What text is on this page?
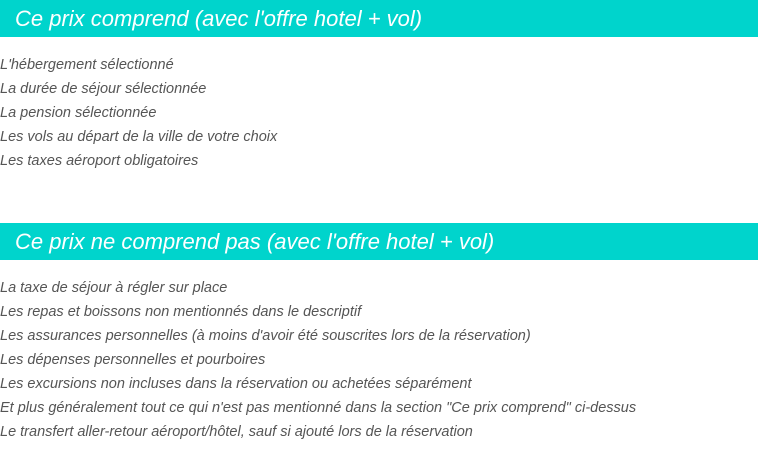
Ce prix comprend (avec l'offre hotel + vol)
L'hébergement sélectionné
La durée de séjour sélectionnée
La pension sélectionnée
Les vols au départ de la ville de votre choix
Les taxes aéroport obligatoires
Ce prix ne comprend pas (avec l'offre hotel + vol)
La taxe de séjour à régler sur place
Les repas et boissons non mentionnés dans le descriptif
Les assurances personnelles (à moins d'avoir été souscrites lors de la réservation)
Les dépenses personnelles et pourboires
Les excursions non incluses dans la réservation ou achetées séparément
Et plus généralement tout ce qui n'est pas mentionné dans la section "Ce prix comprend" ci-dessus
Le transfert aller-retour aéroport/hôtel, sauf si ajouté lors de la réservation
